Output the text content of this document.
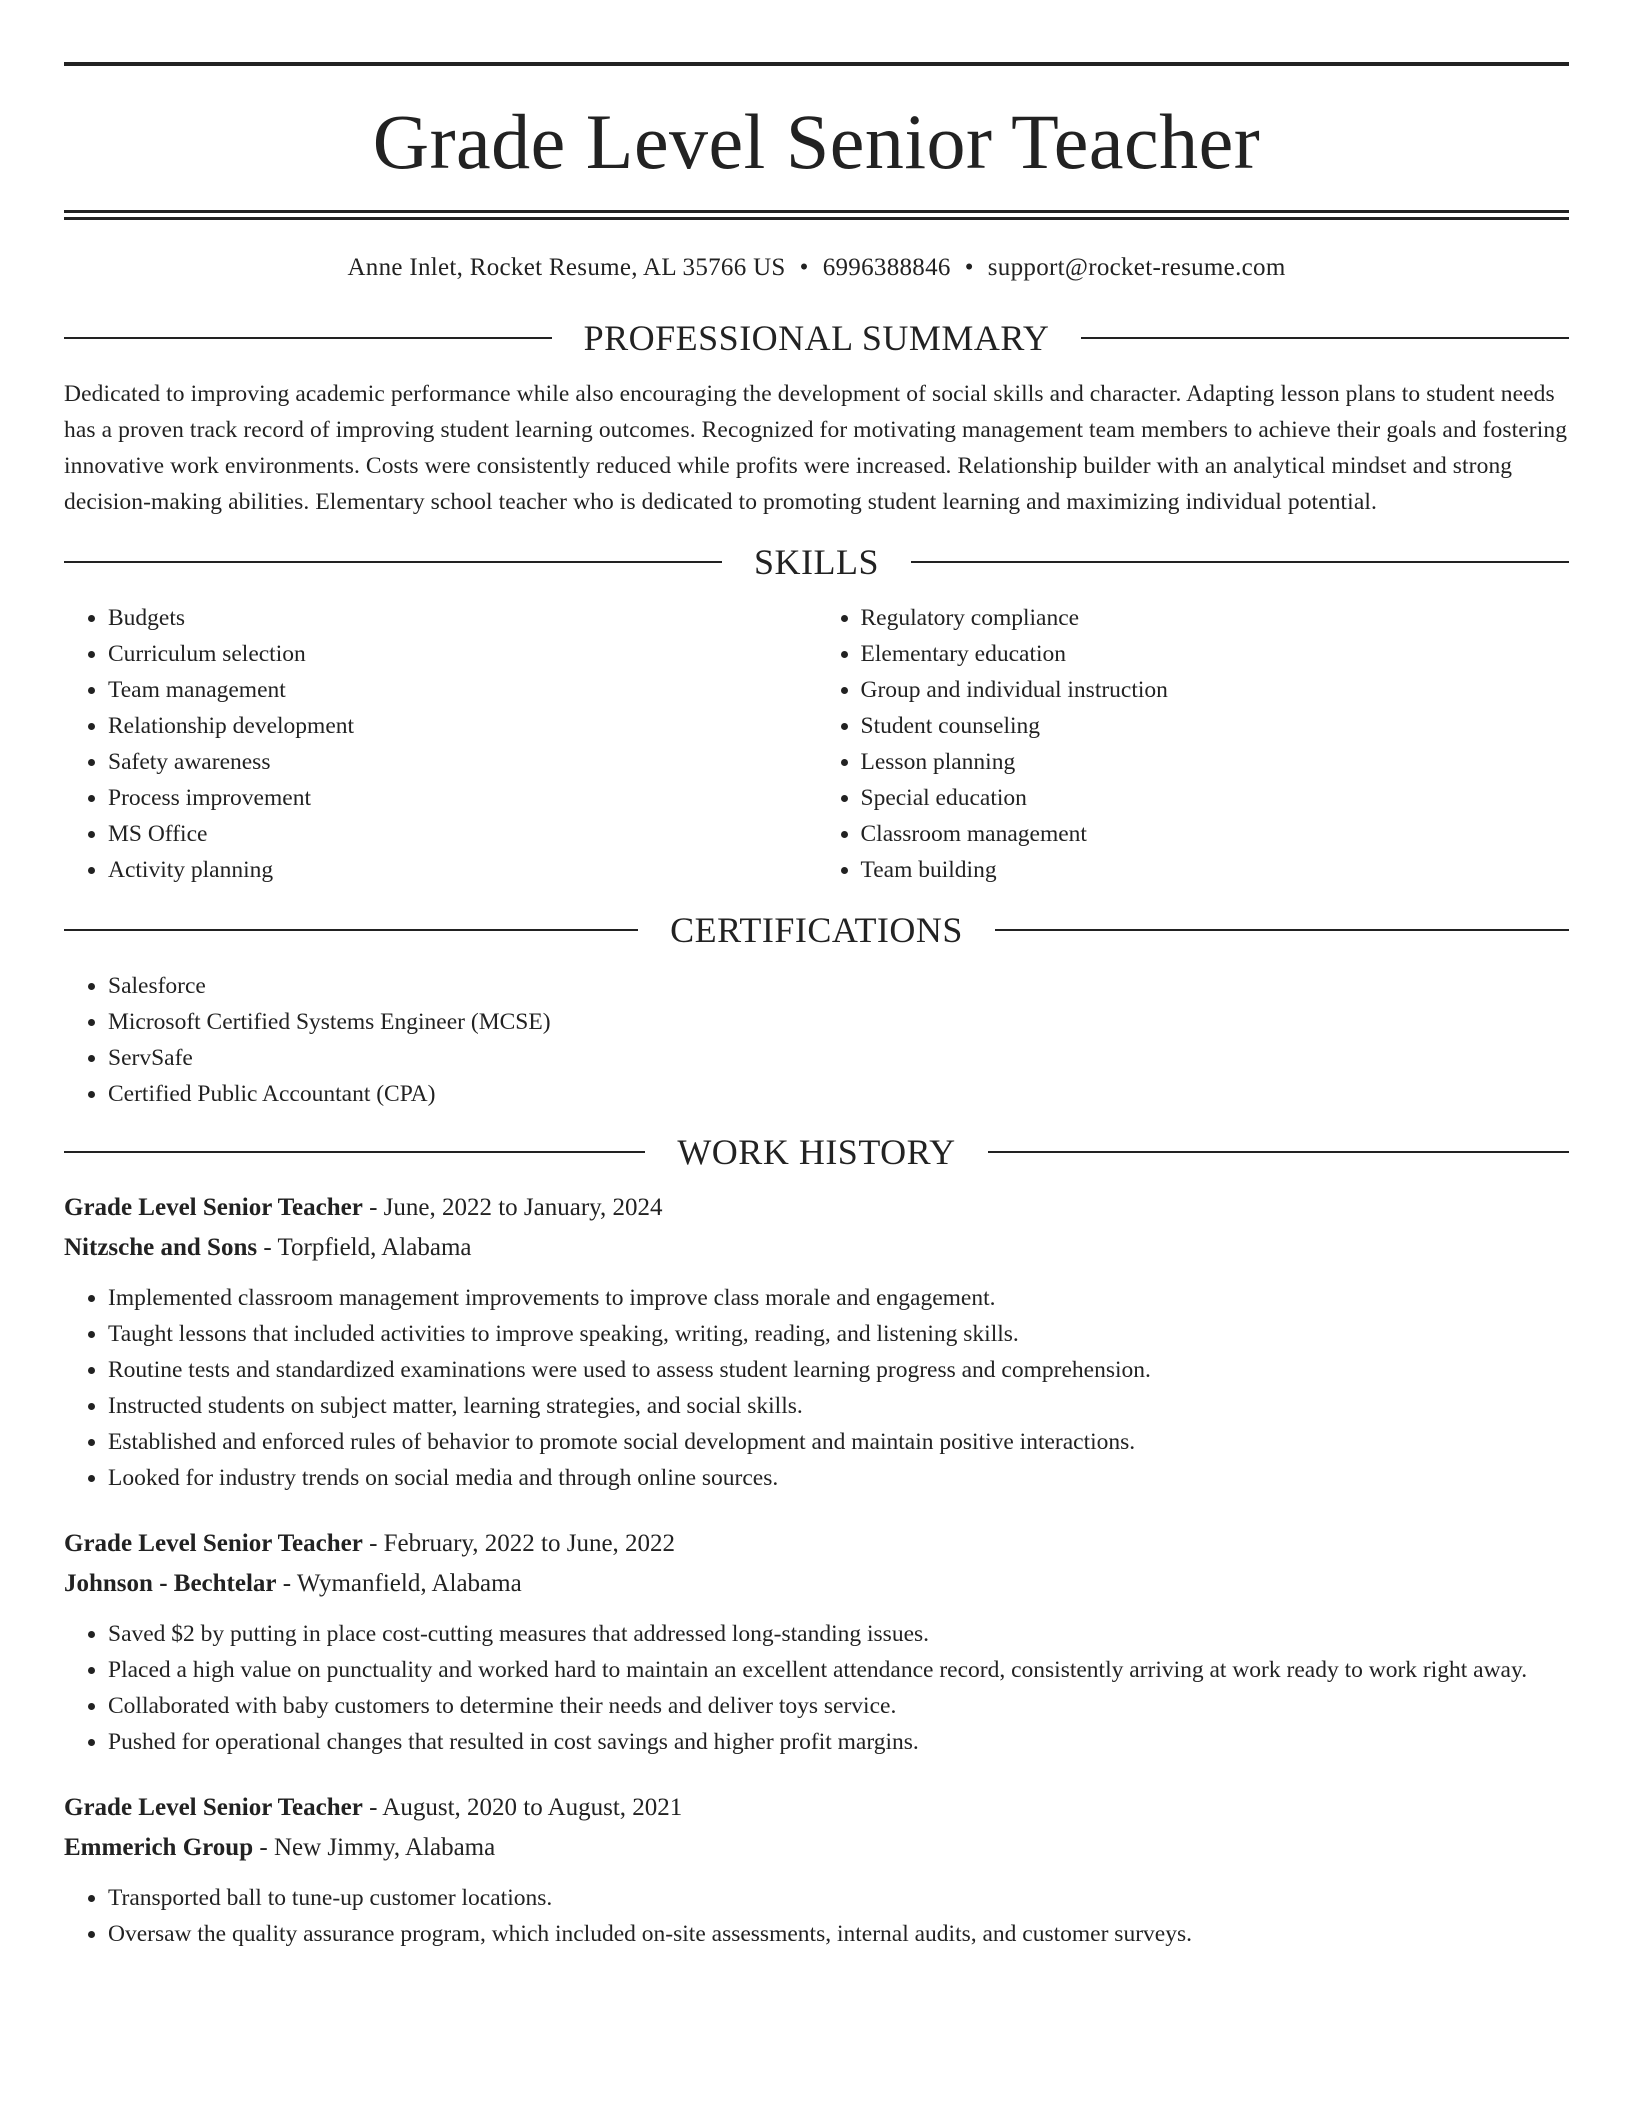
Grade Level Senior Teacher
Anne Inlet, Rocket Resume, AL 35766 US • 6996388846 • support@rocket-resume.com
PROFESSIONAL SUMMARY

Dedicated to improving academic performance while also encouraging the development of social skills and character. Adapting lesson plans to student needs has a proven track record of improving student learning outcomes. Recognized for motivating management team members to achieve their goals and fostering innovative work environments. Costs were consistently reduced while profits were increased. Relationship builder with an analytical mindset and strong decision-making abilities. Elementary school teacher who is dedicated to promoting student learning and maximizing individual potential.

SKILLS
• Budgets
• Curriculum selection
• Team management
• Relationship development
• Safety awareness
• Process improvement
• MS Office
• Activity planning
• Regulatory compliance
• Elementary education
• Group and individual instruction
• Student counseling
• Lesson planning
• Special education
• Classroom management
• Team building
CERTIFICATIONS
• Salesforce
• Microsoft Certified Systems Engineer (MCSE)
• ServSafe
• Certified Public Accountant (CPA)
WORK HISTORY

Grade Level Senior Teacher - June, 2022 to January, 2024

Nitzsche and Sons - Torpfield, Alabama

• Implemented classroom management improvements to improve class morale and engagement.
• Taught lessons that included activities to improve speaking, writing, reading, and listening skills.
• Routine tests and standardized examinations were used to assess student learning progress and comprehension.
• Instructed students on subject matter, learning strategies, and social skills.
• Established and enforced rules of behavior to promote social development and maintain positive interactions.
• Looked for industry trends on social media and through online sources.

Grade Level Senior Teacher - February, 2022 to June, 2022

Johnson - Bechtelar - Wymanfield, Alabama

• Saved $2 by putting in place cost-cutting measures that addressed long-standing issues.
• Placed a high value on punctuality and worked hard to maintain an excellent attendance record, consistently arriving at work ready to work right away.
• Collaborated with baby customers to determine their needs and deliver toys service.
• Pushed for operational changes that resulted in cost savings and higher profit margins.

Grade Level Senior Teacher - August, 2020 to August, 2021

Emmerich Group - New Jimmy, Alabama

• Transported ball to tune-up customer locations.
• Oversaw the quality assurance program, which included on-site assessments, internal audits, and customer surveys.
